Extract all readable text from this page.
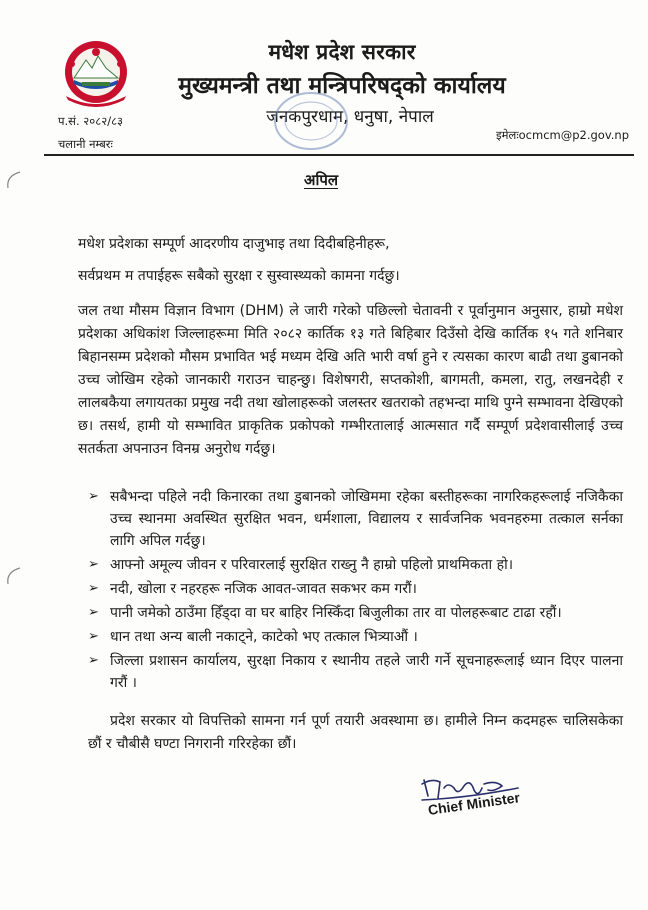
मधेश प्रदेश सरकार
मुख्यमन्त्री तथा मन्त्रिपरिषद्को कार्यालय
जनकपुरधाम, धनुषा, नेपाल
प.सं. २०८२/८३
चलानी नम्बरः
इमेलःocmcm@p2.gov.np
अपिल
मधेश प्रदेशका सम्पूर्ण आदरणीय दाजुभाइ तथा दिदीबहिनीहरू,
सर्वप्रथम म तपाईहरू सबैको सुरक्षा र सुस्वास्थ्यको कामना गर्दछु।

जल तथा मौसम विज्ञान विभाग (DHM) ले जारी गरेको पछिल्लो चेतावनी र पूर्वानुमान अनुसार, हाम्रो मधेश प्रदेशका अधिकांश जिल्लाहरूमा मिति २०८२ कार्तिक १३ गते बिहिबार दिउँसो देखि कार्तिक १५ गते शनिबार बिहानसम्म प्रदेशको मौसम प्रभावित भई मध्यम देखि अति भारी वर्षा हुने र त्यसका कारण बाढी तथा डुबानको उच्च जोखिम रहेको जानकारी गराउन चाहन्छु। विशेषगरी, सप्तकोशी, बागमती, कमला, रातु, लखनदेही र लालबकैया लगायतका प्रमुख नदी तथा खोलाहरूको जलस्तर खतराको तहभन्दा माथि पुग्ने सम्भावना देखिएको छ। तसर्थ, हामी यो सम्भावित प्राकृतिक प्रकोपको गम्भीरतालाई आत्मसात गर्दै सम्पूर्ण प्रदेशवासीलाई उच्च सतर्कता अपनाउन विनम्र अनुरोध गर्दछु।

➢ सबैभन्दा पहिले नदी किनारका तथा डुबानको जोखिममा रहेका बस्तीहरूका नागरिकहरूलाई नजिकैका उच्च स्थानमा अवस्थित सुरक्षित भवन, धर्मशाला, विद्यालय र सार्वजनिक भवनहरुमा तत्काल सर्नका लागि अपिल गर्दछु।
➢ आफ्नो अमूल्य जीवन र परिवारलाई सुरक्षित राख्नु नै हाम्रो पहिलो प्राथमिकता हो।
➢ नदी, खोला र नहरहरू नजिक आवत-जावत सकभर कम गरौं।
➢ पानी जमेको ठाउँमा हिँड्दा वा घर बाहिर निस्किँदा बिजुलीका तार वा पोलहरूबाट टाढा रहौं।
➢ धान तथा अन्य बाली नकाट्ने, काटेको भए तत्काल भित्र्याऔं ।
➢ जिल्ला प्रशासन कार्यालय, सुरक्षा निकाय र स्थानीय तहले जारी गर्ने सूचनाहरूलाई ध्यान दिएर पालना गरौं ।

प्रदेश सरकार यो विपत्तिको सामना गर्न पूर्ण तयारी अवस्थामा छ। हामीले निम्न कदमहरू चालिसकेका छौं र चौबीसै घण्टा निगरानी गरिरहेका छौं।

Chief Minister
